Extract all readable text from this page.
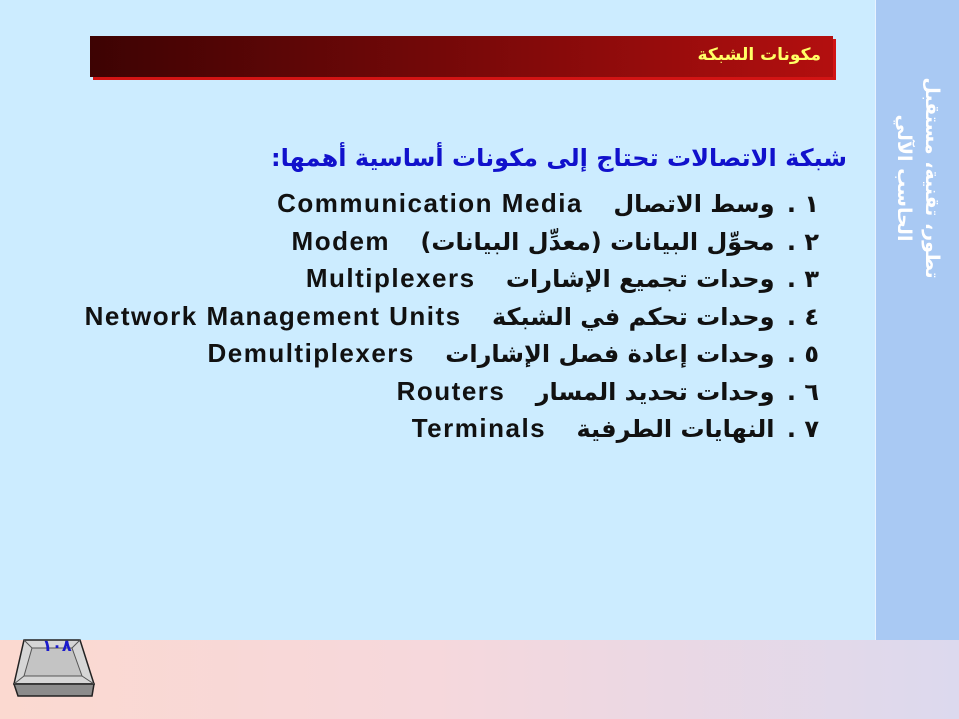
تطور، تقنية، مستقبل
الحاسب الآلي
مكونات الشبكة
شبكة الاتصالات تحتاج إلى مكونات أساسية أهمها:
١ . وسط الاتصال Communication Media
٢ . محوِّل البيانات (معدِّل البيانات) Modem
٣ . وحدات تجميع الإشارات Multiplexers
٤ . وحدات تحكم في الشبكة Network Management Units
٥ . وحدات إعادة فصل الإشارات Demultiplexers
٦ . وحدات تحديد المسار Routers
٧ . النهايات الطرفية Terminals
١٠٨
